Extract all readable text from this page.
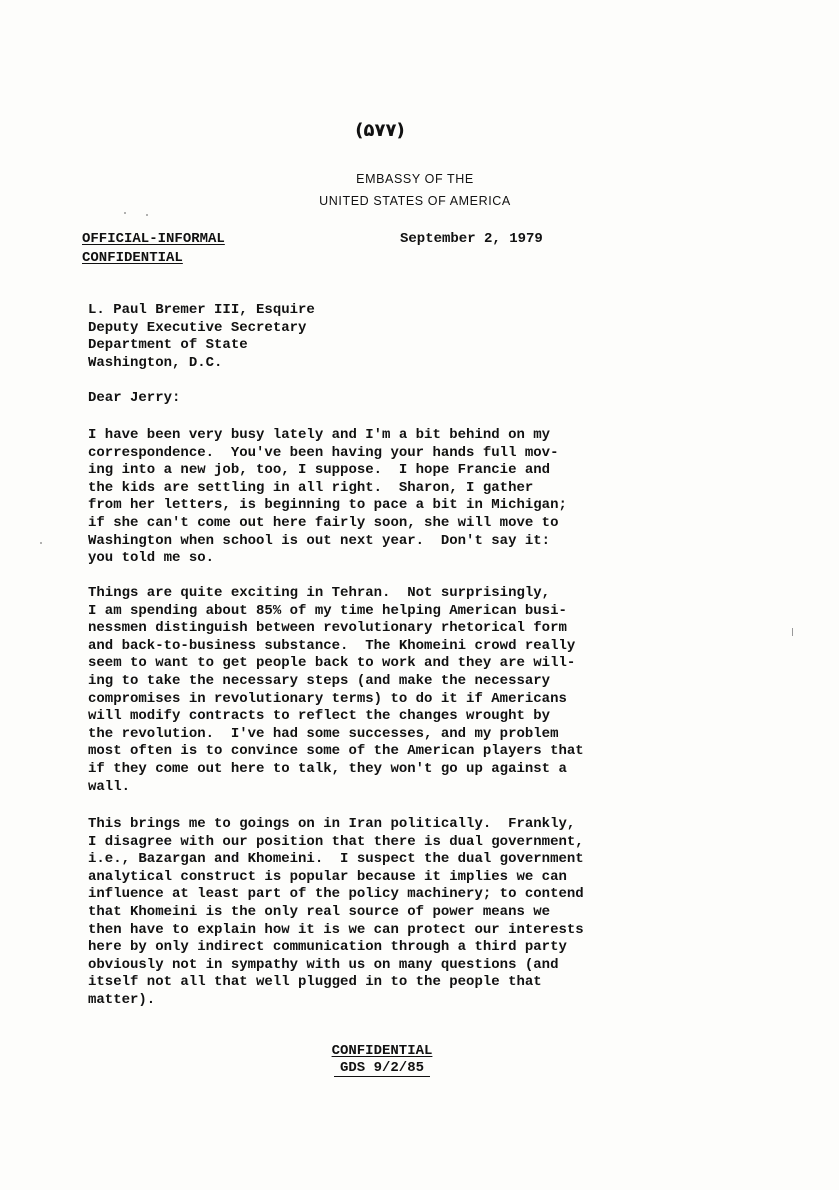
(۵۷۷)
EMBASSY OF THE
UNITED STATES OF AMERICA
OFFICIAL-INFORMAL
CONFIDENTIAL
September 2, 1979
L. Paul Bremer III, Esquire
Deputy Executive Secretary
Department of State
Washington, D.C.
Dear Jerry:
I have been very busy lately and I'm a bit behind on my
correspondence.  You've been having your hands full mov-
ing into a new job, too, I suppose.  I hope Francie and
the kids are settling in all right.  Sharon, I gather
from her letters, is beginning to pace a bit in Michigan;
if she can't come out here fairly soon, she will move to
Washington when school is out next year.  Don't say it:
you told me so.
Things are quite exciting in Tehran.  Not surprisingly,
I am spending about 85% of my time helping American busi-
nessmen distinguish between revolutionary rhetorical form
and back-to-business substance.  The Khomeini crowd really
seem to want to get people back to work and they are will-
ing to take the necessary steps (and make the necessary
compromises in revolutionary terms) to do it if Americans
will modify contracts to reflect the changes wrought by
the revolution.  I've had some successes, and my problem
most often is to convince some of the American players that
if they come out here to talk, they won't go up against a
wall.
This brings me to goings on in Iran politically.  Frankly,
I disagree with our position that there is dual government,
i.e., Bazargan and Khomeini.  I suspect the dual government
analytical construct is popular because it implies we can
influence at least part of the policy machinery; to contend
that Khomeini is the only real source of power means we
then have to explain how it is we can protect our interests
here by only indirect communication through a third party
obviously not in sympathy with us on many questions (and
itself not all that well plugged in to the people that
matter).
CONFIDENTIAL
GDS 9/2/85
